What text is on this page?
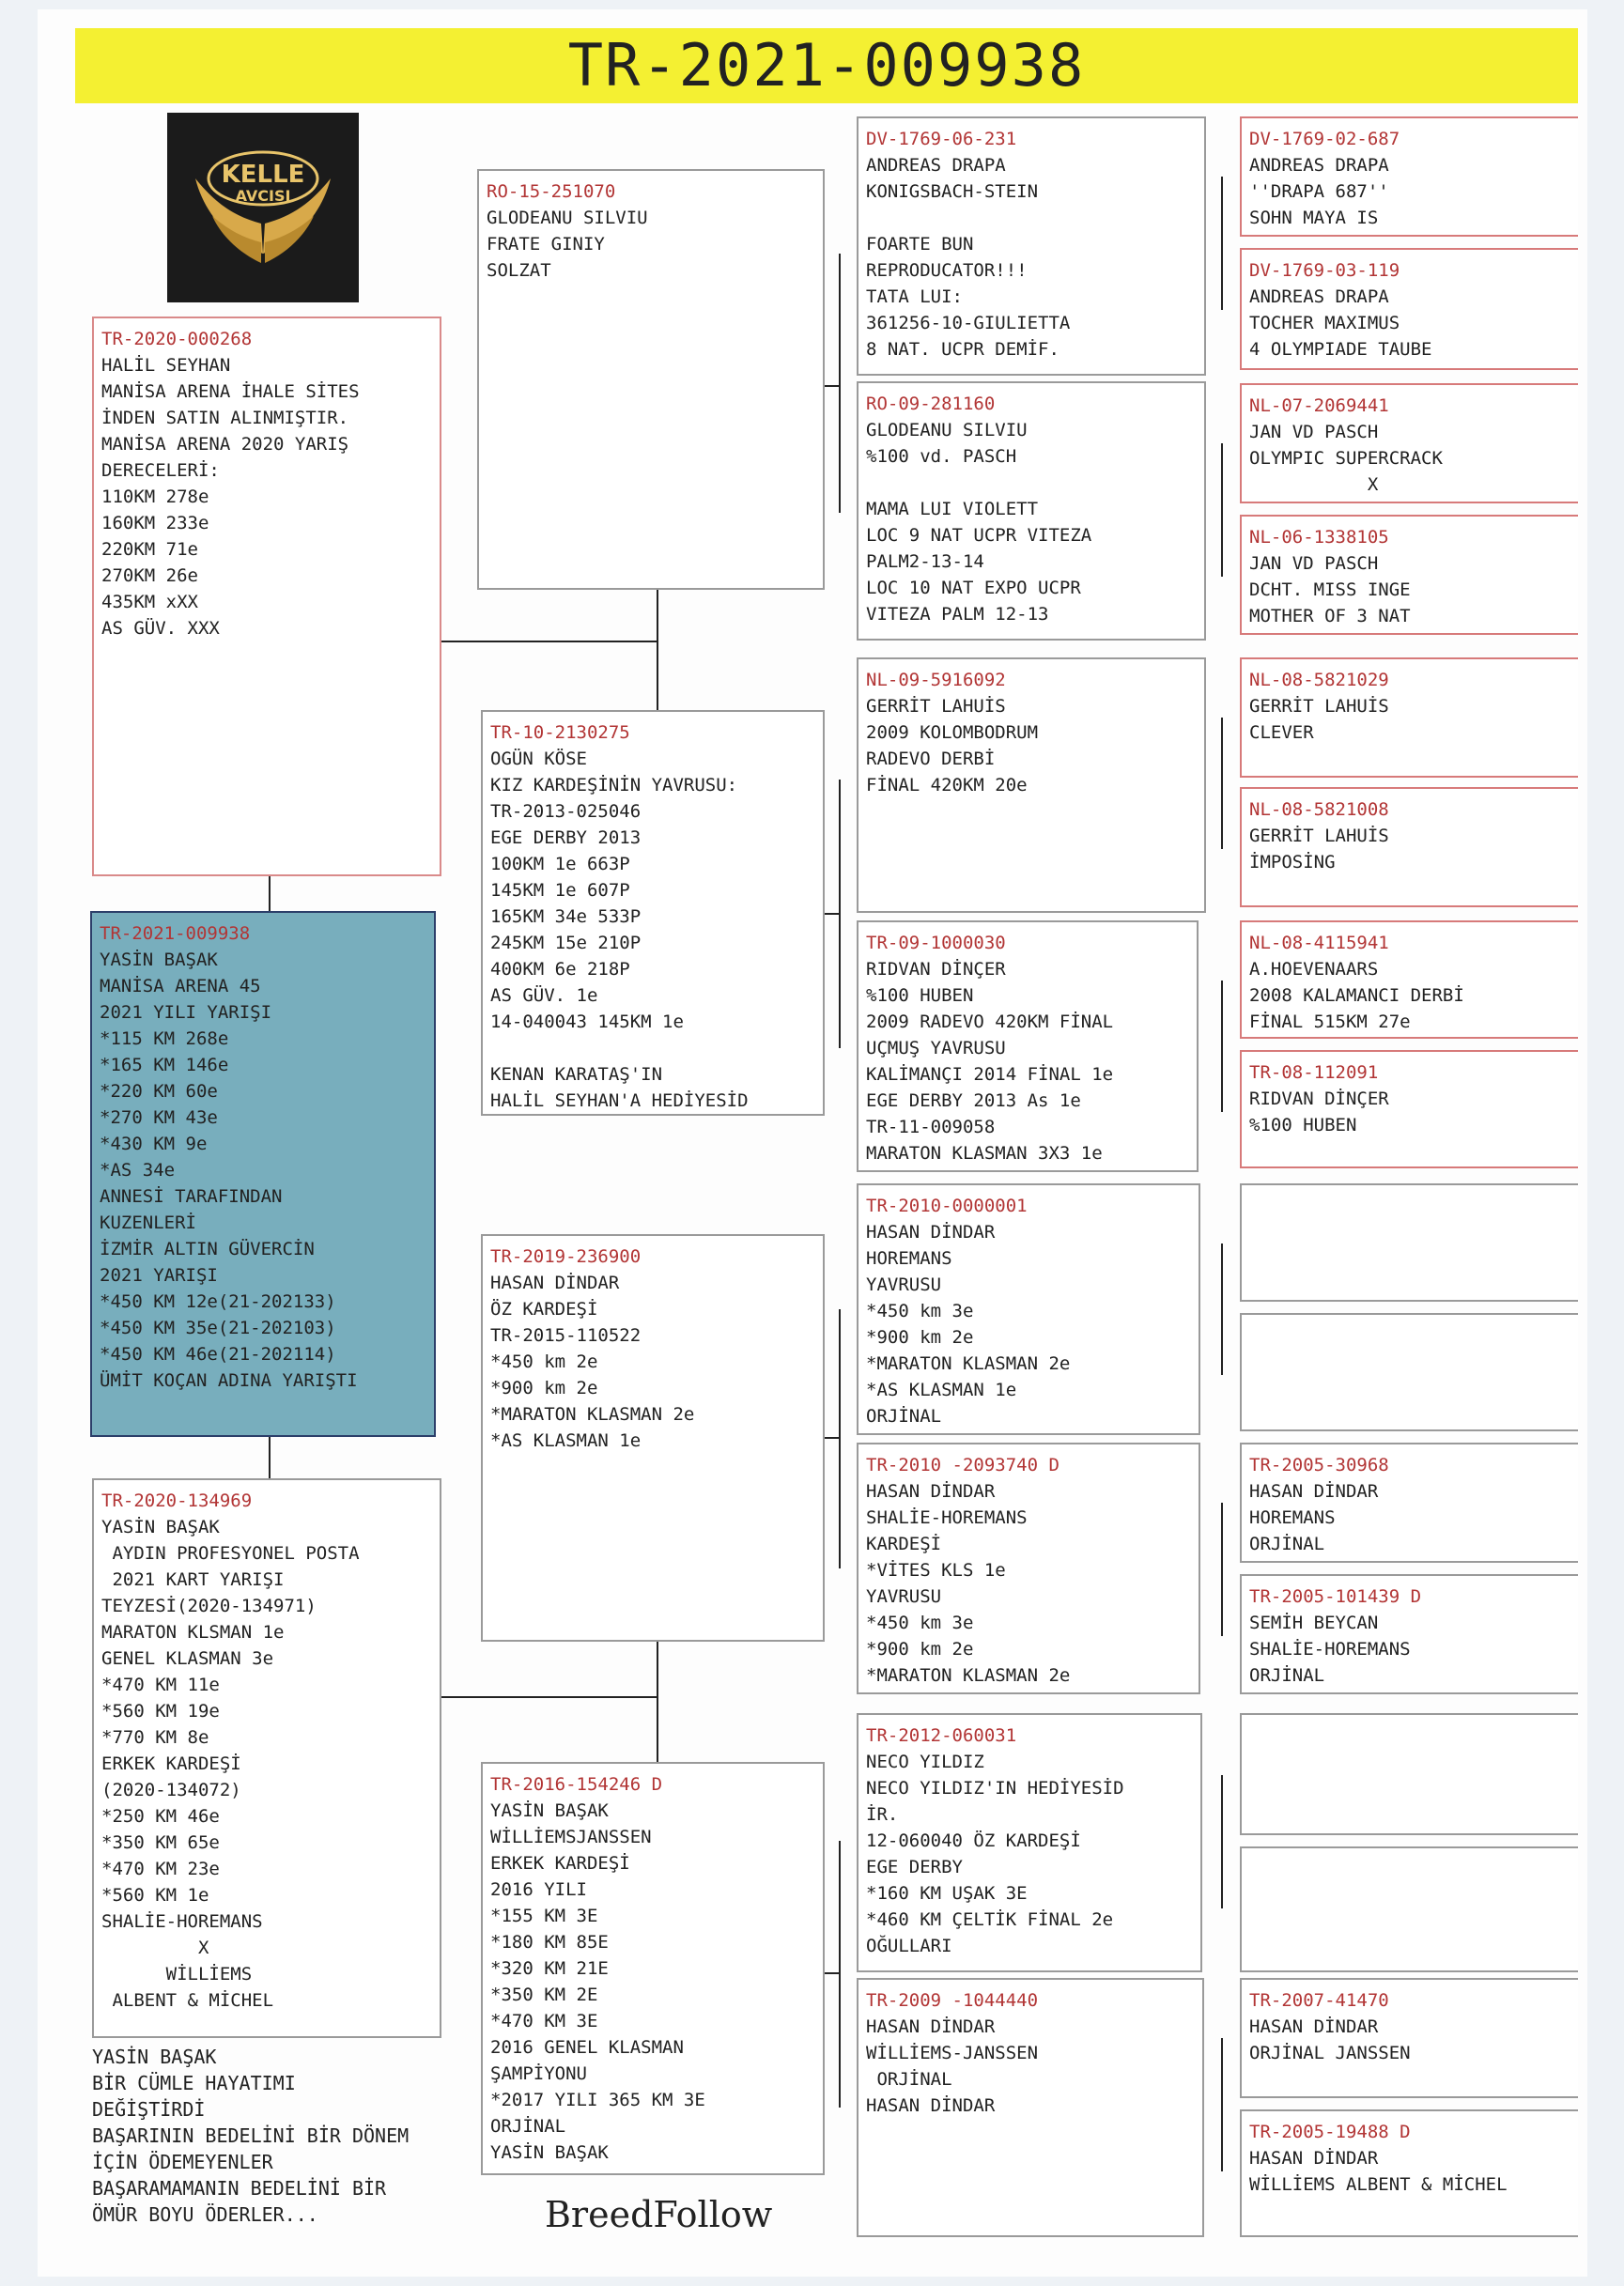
TR-2021-009938
KELLE
AVCISI
TR-2020-000268
HALİL SEYHAN
MANİSA ARENA İHALE SİTES
İNDEN SATIN ALINMIŞTIR.
MANİSA ARENA 2020 YARIŞ
DERECELERİ:
110KM 278e
160KM 233e
220KM 71e
270KM 26e
435KM xXX
AS GÜV. XXX
TR-2021-009938
YASİN BAŞAK
MANİSA ARENA 45
2021 YILI YARIŞI
*115 KM 268e
*165 KM 146e
*220 KM 60e
*270 KM 43e
*430 KM 9e
*AS 34e
ANNESİ TARAFINDAN
KUZENLERİ
İZMİR ALTIN GÜVERCİN
2021 YARIŞI
*450 KM 12e(21-202133)
*450 KM 35e(21-202103)
*450 KM 46e(21-202114)
ÜMİT KOÇAN ADINA YARIŞTI
TR-2020-134969
YASİN BAŞAK
AYDIN PROFESYONEL POSTA
2021 KART YARIŞI
TEYZESİ(2020-134971)
MARATON KLSMAN 1e
GENEL KLASMAN 3e
*470 KM 11e
*560 KM 19e
*770 KM 8e
ERKEK KARDEŞİ
(2020-134072)
*250 KM 46e
*350 KM 65e
*470 KM 23e
*560 KM 1e
SHALİE-HOREMANS
X
WİLLİEMS
ALBENT & MİCHEL
RO-15-251070
GLODEANU SILVIU
FRATE GINIY
SOLZAT
TR-10-2130275
OGÜN KÖSE
KIZ KARDEŞİNİN YAVRUSU:
TR-2013-025046
EGE DERBY 2013
100KM 1e 663P
145KM 1e 607P
165KM 34e 533P
245KM 15e 210P
400KM 6e 218P
AS GÜV. 1e
14-040043 145KM 1e

KENAN KARATAŞ'IN
HALİL SEYHAN'A HEDİYESİD
TR-2019-236900
HASAN DİNDAR
ÖZ KARDEŞİ
TR-2015-110522
*450 km 2e
*900 km 2e
*MARATON KLASMAN 2e
*AS KLASMAN 1e
TR-2016-154246 D
YASİN BAŞAK
WİLLİEMSJANSSEN
ERKEK KARDEŞİ
2016 YILI
*155 KM 3E
*180 KM 85E
*320 KM 21E
*350 KM 2E
*470 KM 3E
2016 GENEL KLASMAN
ŞAMPİYONU
*2017 YILI 365 KM 3E
ORJİNAL
YASİN BAŞAK
DV-1769-06-231
ANDREAS DRAPA
KONIGSBACH-STEIN

FOARTE BUN
REPRODUCATOR!!!
TATA LUI:
361256-10-GIULIETTA
8 NAT. UCPR DEMİF.
RO-09-281160
GLODEANU SILVIU
%100 vd. PASCH

MAMA LUI VIOLETT
LOC 9 NAT UCPR VITEZA
PALM2-13-14
LOC 10 NAT EXPO UCPR
VITEZA PALM 12-13
NL-09-5916092
GERRİT LAHUİS
2009 KOLOMBODRUM
RADEVO DERBİ
FİNAL 420KM 20e
TR-09-1000030
RIDVAN DİNÇER
%100 HUBEN
2009 RADEVO 420KM FİNAL
UÇMUŞ YAVRUSU
KALİMANÇI 2014 FİNAL 1e
EGE DERBY 2013 As 1e
TR-11-009058
MARATON KLASMAN 3X3 1e
TR-2010-0000001
HASAN DİNDAR
HOREMANS
YAVRUSU
*450 km 3e
*900 km 2e
*MARATON KLASMAN 2e
*AS KLASMAN 1e
ORJİNAL
TR-2010 -2093740 D
HASAN DİNDAR
SHALİE-HOREMANS
KARDEŞİ
*VİTES KLS 1e
YAVRUSU
*450 km 3e
*900 km 2e
*MARATON KLASMAN 2e
TR-2012-060031
NECO YILDIZ
NECO YILDIZ'IN HEDİYESİD
İR.
12-060040 ÖZ KARDEŞİ
EGE DERBY
*160 KM UŞAK 3E
*460 KM ÇELTİK FİNAL 2e
OĞULLARI
TR-2009 -1044440
HASAN DİNDAR
WİLLİEMS-JANSSEN
ORJİNAL
HASAN DİNDAR
DV-1769-02-687
ANDREAS DRAPA
''DRAPA 687''
SOHN MAYA IS
DV-1769-03-119
ANDREAS DRAPA
TOCHER MAXIMUS
4 OLYMPIADE TAUBE
NL-07-2069441
JAN VD PASCH
OLYMPIC SUPERCRACK
X
NL-06-1338105
JAN VD PASCH
DCHT. MISS INGE
MOTHER OF 3 NAT
NL-08-5821029
GERRİT LAHUİS
CLEVER
NL-08-5821008
GERRİT LAHUİS
İMPOSİNG
NL-08-4115941
A.HOEVENAARS
2008 KALAMANCI DERBİ
FİNAL 515KM 27e
TR-08-112091
RIDVAN DİNÇER
%100 HUBEN
TR-2005-30968
HASAN DİNDAR
HOREMANS
ORJİNAL
TR-2005-101439 D
SEMİH BEYCAN
SHALİE-HOREMANS
ORJİNAL
TR-2007-41470
HASAN DİNDAR
ORJİNAL JANSSEN
TR-2005-19488 D
HASAN DİNDAR
WİLLİEMS ALBENT & MİCHEL
YASİN BAŞAK
BİR CÜMLE HAYATIMI
DEĞİŞTİRDİ
BAŞARININ BEDELİNİ BİR DÖNEM
İÇİN ÖDEMEYENLER
BAŞARAMAMANIN BEDELİNİ BİR
ÖMÜR BOYU ÖDERLER...	BreedFollow
